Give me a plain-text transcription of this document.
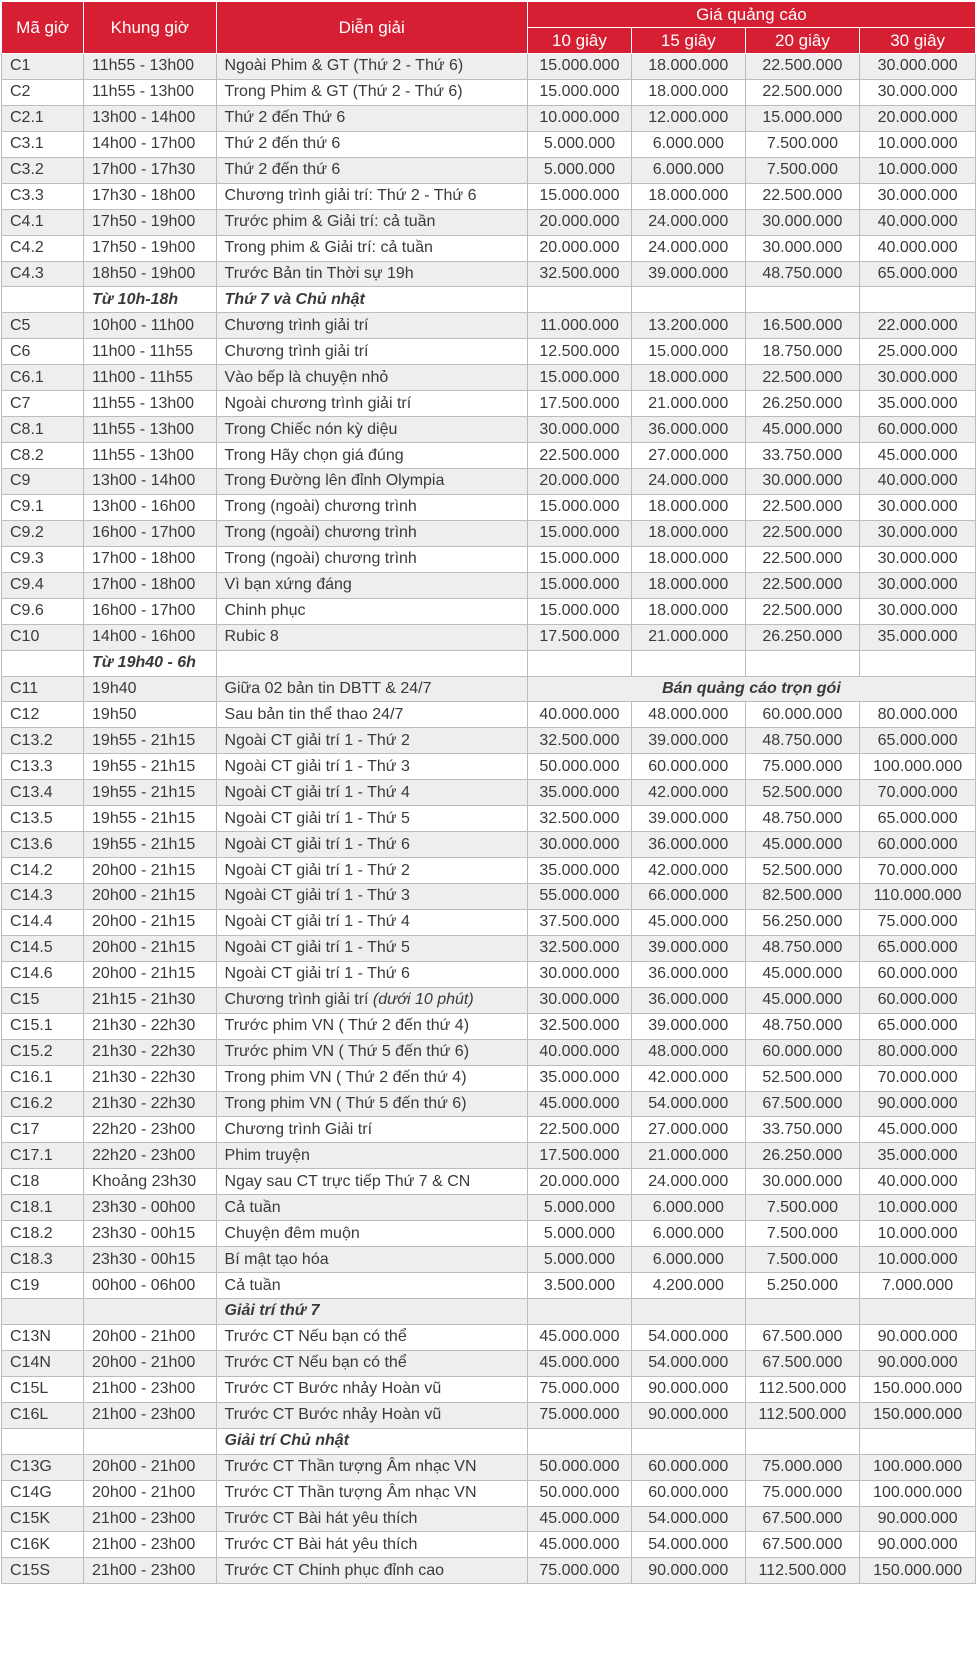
Mã giờ	Khung giờ	Diễn giải	Giá quảng cáo			
			10 giây	15 giây	20 giây	30 giây
C1	11h55 - 13h00	Ngoài Phim & GT (Thứ 2 - Thứ 6)	15.000.000	18.000.000	22.500.000	30.000.000
C2	11h55 - 13h00	Trong Phim & GT (Thứ 2 - Thứ 6)	15.000.000	18.000.000	22.500.000	30.000.000
C2.1	13h00 - 14h00	Thứ 2 đến Thứ 6	10.000.000	12.000.000	15.000.000	20.000.000
C3.1	14h00 - 17h00	Thứ 2 đến thứ 6	5.000.000	6.000.000	7.500.000	10.000.000
C3.2	17h00 - 17h30	Thứ 2 đến thứ 6	5.000.000	6.000.000	7.500.000	10.000.000
C3.3	17h30 - 18h00	Chương trình giải trí: Thứ 2 - Thứ 6	15.000.000	18.000.000	22.500.000	30.000.000
C4.1	17h50 - 19h00	Trước phim & Giải trí: cả tuần	20.000.000	24.000.000	30.000.000	40.000.000
C4.2	17h50 - 19h00	Trong phim & Giải trí: cả tuần	20.000.000	24.000.000	30.000.000	40.000.000
C4.3	18h50 - 19h00	Trước Bản tin Thời sự 19h	32.500.000	39.000.000	48.750.000	65.000.000
	Từ 10h-18h	Thứ 7 và Chủ nhật				
C5	10h00 - 11h00	Chương trình giải trí	11.000.000	13.200.000	16.500.000	22.000.000
C6	11h00 - 11h55	Chương trình giải trí	12.500.000	15.000.000	18.750.000	25.000.000
C6.1	11h00 - 11h55	Vào bếp là chuyện nhỏ	15.000.000	18.000.000	22.500.000	30.000.000
C7	11h55 - 13h00	Ngoài chương trình giải trí	17.500.000	21.000.000	26.250.000	35.000.000
C8.1	11h55 - 13h00	Trong Chiếc nón kỳ diệu	30.000.000	36.000.000	45.000.000	60.000.000
C8.2	11h55 - 13h00	Trong Hãy chọn giá đúng	22.500.000	27.000.000	33.750.000	45.000.000
C9	13h00 - 14h00	Trong Đường lên đỉnh Olympia	20.000.000	24.000.000	30.000.000	40.000.000
C9.1	13h00 - 16h00	Trong (ngoài) chương trình	15.000.000	18.000.000	22.500.000	30.000.000
C9.2	16h00 - 17h00	Trong (ngoài) chương trình	15.000.000	18.000.000	22.500.000	30.000.000
C9.3	17h00 - 18h00	Trong (ngoài) chương trình	15.000.000	18.000.000	22.500.000	30.000.000
C9.4	17h00 - 18h00	Vì bạn xứng đáng	15.000.000	18.000.000	22.500.000	30.000.000
C9.6	16h00 - 17h00	Chinh phục	15.000.000	18.000.000	22.500.000	30.000.000
C10	14h00 - 16h00	Rubic 8	17.500.000	21.000.000	26.250.000	35.000.000
	Từ 19h40 - 6h					
C11	19h40	Giữa 02 bản tin DBTT & 24/7	Bán quảng cáo trọn gói			
C12	19h50	Sau bản tin thể thao 24/7	40.000.000	48.000.000	60.000.000	80.000.000
C13.2	19h55 - 21h15	Ngoài CT giải trí 1 - Thứ 2	32.500.000	39.000.000	48.750.000	65.000.000
C13.3	19h55 - 21h15	Ngoài CT giải trí 1 - Thứ 3	50.000.000	60.000.000	75.000.000	100.000.000
C13.4	19h55 - 21h15	Ngoài CT giải trí 1 - Thứ 4	35.000.000	42.000.000	52.500.000	70.000.000
C13.5	19h55 - 21h15	Ngoài CT giải trí 1 - Thứ 5	32.500.000	39.000.000	48.750.000	65.000.000
C13.6	19h55 - 21h15	Ngoài CT giải trí 1 - Thứ 6	30.000.000	36.000.000	45.000.000	60.000.000
C14.2	20h00 - 21h15	Ngoài CT giải trí 1 - Thứ 2	35.000.000	42.000.000	52.500.000	70.000.000
C14.3	20h00 - 21h15	Ngoài CT giải trí 1 - Thứ 3	55.000.000	66.000.000	82.500.000	110.000.000
C14.4	20h00 - 21h15	Ngoài CT giải trí 1 - Thứ 4	37.500.000	45.000.000	56.250.000	75.000.000
C14.5	20h00 - 21h15	Ngoài CT giải trí 1 - Thứ 5	32.500.000	39.000.000	48.750.000	65.000.000
C14.6	20h00 - 21h15	Ngoài CT giải trí 1 - Thứ 6	30.000.000	36.000.000	45.000.000	60.000.000
C15	21h15 - 21h30	Chương trình giải trí (dưới 10 phút)	30.000.000	36.000.000	45.000.000	60.000.000
C15.1	21h30 - 22h30	Trước phim VN ( Thứ 2 đến thứ 4)	32.500.000	39.000.000	48.750.000	65.000.000
C15.2	21h30 - 22h30	Trước phim VN ( Thứ 5 đến thứ 6)	40.000.000	48.000.000	60.000.000	80.000.000
C16.1	21h30 - 22h30	Trong phim VN ( Thứ 2 đến thứ 4)	35.000.000	42.000.000	52.500.000	70.000.000
C16.2	21h30 - 22h30	Trong phim VN ( Thứ 5 đến thứ 6)	45.000.000	54.000.000	67.500.000	90.000.000
C17	22h20 - 23h00	Chương trình Giải trí	22.500.000	27.000.000	33.750.000	45.000.000
C17.1	22h20 - 23h00	Phim truyện	17.500.000	21.000.000	26.250.000	35.000.000
C18	Khoảng 23h30	Ngay sau CT trực tiếp Thứ 7 & CN	20.000.000	24.000.000	30.000.000	40.000.000
C18.1	23h30 - 00h00	Cả tuần	5.000.000	6.000.000	7.500.000	10.000.000
C18.2	23h30 - 00h15	Chuyện đêm muộn	5.000.000	6.000.000	7.500.000	10.000.000
C18.3	23h30 - 00h15	Bí mật tạo hóa	5.000.000	6.000.000	7.500.000	10.000.000
C19	00h00 - 06h00	Cả tuần	3.500.000	4.200.000	5.250.000	7.000.000
		Giải trí thứ 7				
C13N	20h00 - 21h00	Trước CT Nếu bạn có thể	45.000.000	54.000.000	67.500.000	90.000.000
C14N	20h00 - 21h00	Trước CT Nếu bạn có thể	45.000.000	54.000.000	67.500.000	90.000.000
C15L	21h00 - 23h00	Trước CT Bước nhảy Hoàn vũ	75.000.000	90.000.000	112.500.000	150.000.000
C16L	21h00 - 23h00	Trước CT Bước nhảy Hoàn vũ	75.000.000	90.000.000	112.500.000	150.000.000
		Giải trí Chủ nhật				
C13G	20h00 - 21h00	Trước CT Thần tượng Âm nhạc VN	50.000.000	60.000.000	75.000.000	100.000.000
C14G	20h00 - 21h00	Trước CT Thần tượng Âm nhạc VN	50.000.000	60.000.000	75.000.000	100.000.000
C15K	21h00 - 23h00	Trước CT Bài hát yêu thích	45.000.000	54.000.000	67.500.000	90.000.000
C16K	21h00 - 23h00	Trước CT Bài hát yêu thích	45.000.000	54.000.000	67.500.000	90.000.000
C15S	21h00 - 23h00	Trước CT Chinh phục đỉnh cao	75.000.000	90.000.000	112.500.000	150.000.000
